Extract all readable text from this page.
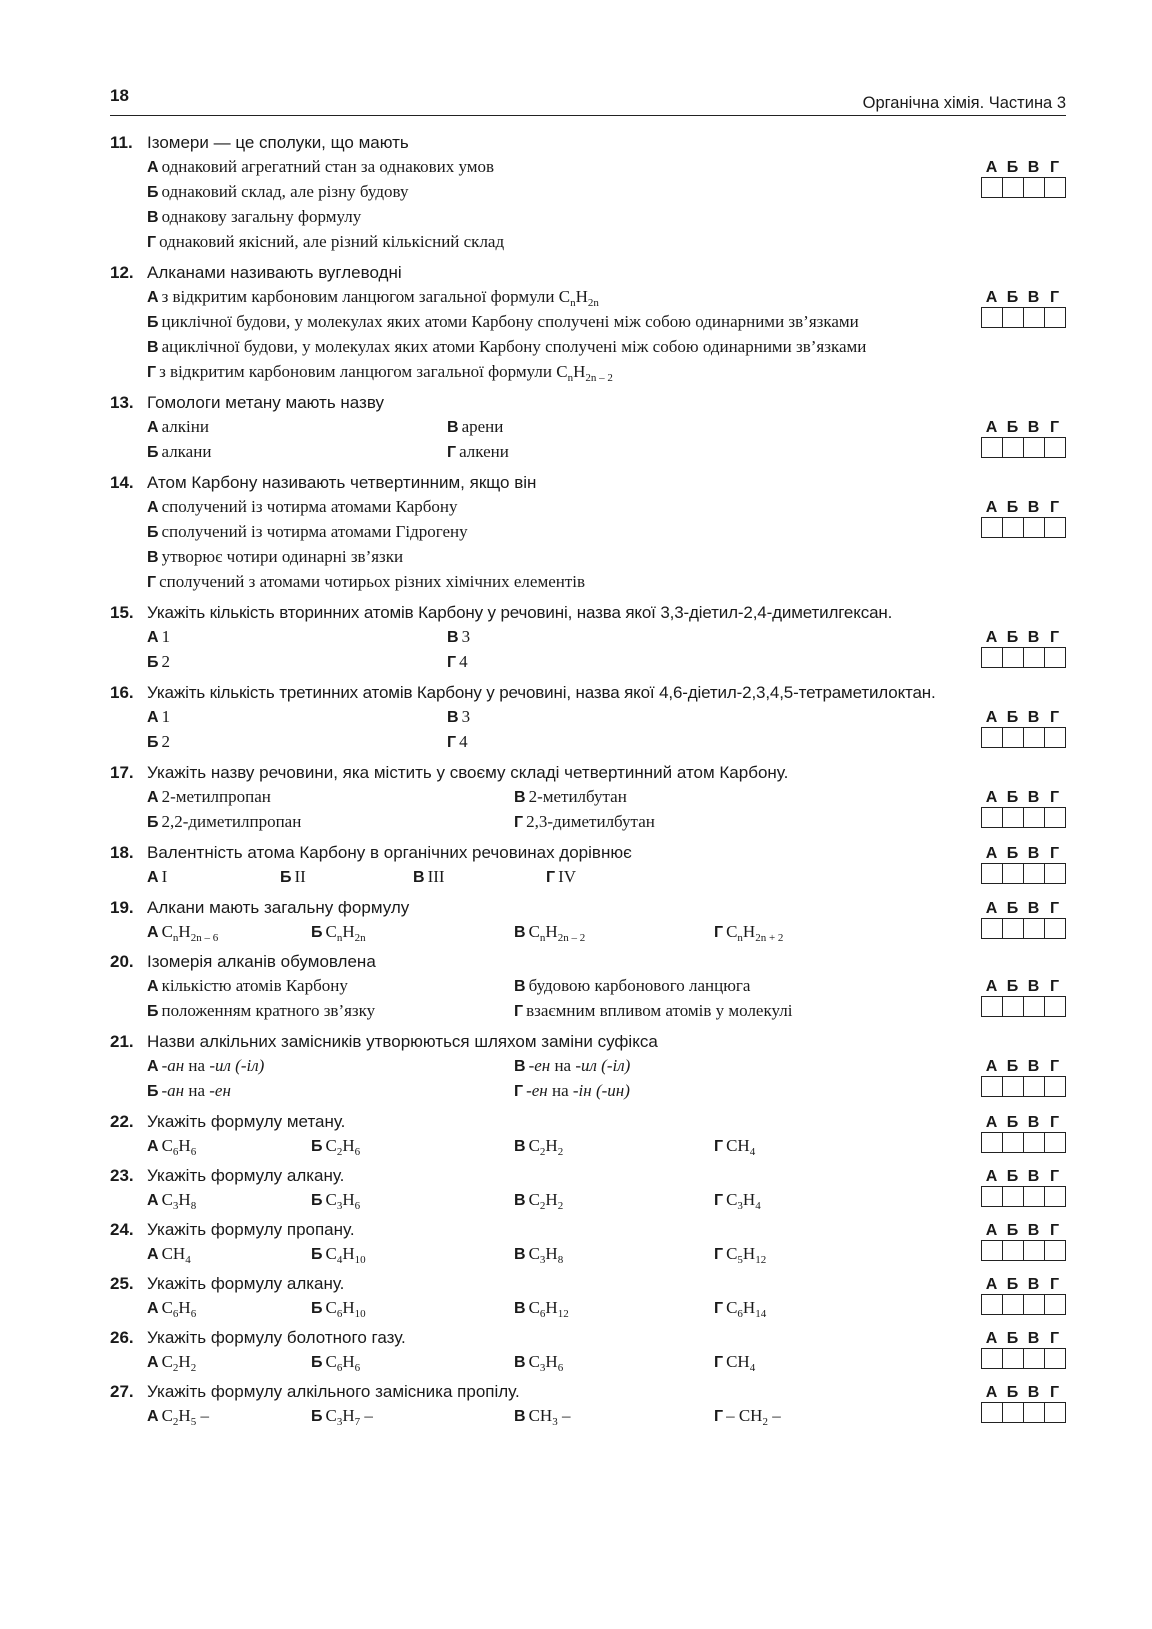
18	Органічна хімія. Частина 3
11. Ізомери — це сполуки, що мають
А однаковий агрегатний стан за однакових умов
Б однаковий склад, але різну будову
В однакову загальну формулу
Г однаковий якісний, але різний кількісний склад
А Б В Г
12. Алканами називають вуглеводні
А з відкритим карбоновим ланцюгом загальної формули $C_nH_{2n}$
Б циклічної будови, у молекулах яких атоми Карбону сполучені між собою одинарними зв’язками
В ациклічної будови, у молекулах яких атоми Карбону сполучені між собою одинарними зв’язками
Г з відкритим карбоновим ланцюгом загальної формули $C_nH_{2n - 2}$
А Б В Г
13. Гомологи метану мають назву
А алкіни	В арени
Б алкани	Г алкени
А Б В Г
14. Атом Карбону називають четвертинним, якщо він
А сполучений із чотирма атомами Карбону
Б сполучений із чотирма атомами Гідрогену
В утворює чотири одинарні зв’язки
Г сполучений з атомами чотирьох різних хімічних елементів
А Б В Г
15. Укажіть кількість вторинних атомів Карбону у речовині, назва якої 3,3-діетил-2,4-диметилгексан.
А 1	В 3
Б 2	Г 4
А Б В Г
16. Укажіть кількість третинних атомів Карбону у речовині, назва якої 4,6-діетил-2,3,4,5-тетраметилоктан.
А 1	В 3
Б 2	Г 4
А Б В Г
17. Укажіть назву речовини, яка містить у своєму складі четвертинний атом Карбону.
А 2-метилпропан	В 2-метилбутан
Б 2,2-диметилпропан	Г 2,3-диметилбутан
А Б В Г
18. Валентність атома Карбону в органічних речовинах дорівнює
А I	Б II	В III	Г IV
А Б В Г
19. Алкани мають загальну формулу
А $C_nH_{2n - 6}$	Б $C_nH_{2n}$	В $C_nH_{2n - 2}$	Г $C_nH_{2n + 2}$
А Б В Г
20. Ізомерія алканів обумовлена
А кількістю атомів Карбону	В будовою карбонового ланцюга
Б положенням кратного зв’язку	Г взаємним впливом атомів у молекулі
А Б В Г
21. Назви алкільних замісників утворюються шляхом заміни суфікса
А -ан на -ил (-іл)	В -ен на -ил (-іл)
Б -ан на -ен	Г -ен на -ін (-ин)
А Б В Г
22. Укажіть формулу метану.
А $C_6H_6$	Б $C_2H_6$	В $C_2H_2$	Г $CH_4$
А Б В Г
23. Укажіть формулу алкану.
А $C_3H_8$	Б $C_3H_6$	В $C_2H_2$	Г $C_3H_4$
А Б В Г
24. Укажіть формулу пропану.
А $CH_4$	Б $C_4H_{10}$	В $C_3H_8$	Г $C_5H_{12}$
А Б В Г
25. Укажіть формулу алкану.
А $C_6H_6$	Б $C_6H_{10}$	В $C_6H_{12}$	Г $C_6H_{14}$
А Б В Г
26. Укажіть формулу болотного газу.
А $C_2H_2$	Б $C_6H_6$	В $C_3H_6$	Г $CH_4$
А Б В Г
27. Укажіть формулу алкільного замісника пропілу.
А $C_2H_5$ –	Б $C_3H_7$ –	В $CH_3$ –	Г – $CH_2$ –
А Б В Г
